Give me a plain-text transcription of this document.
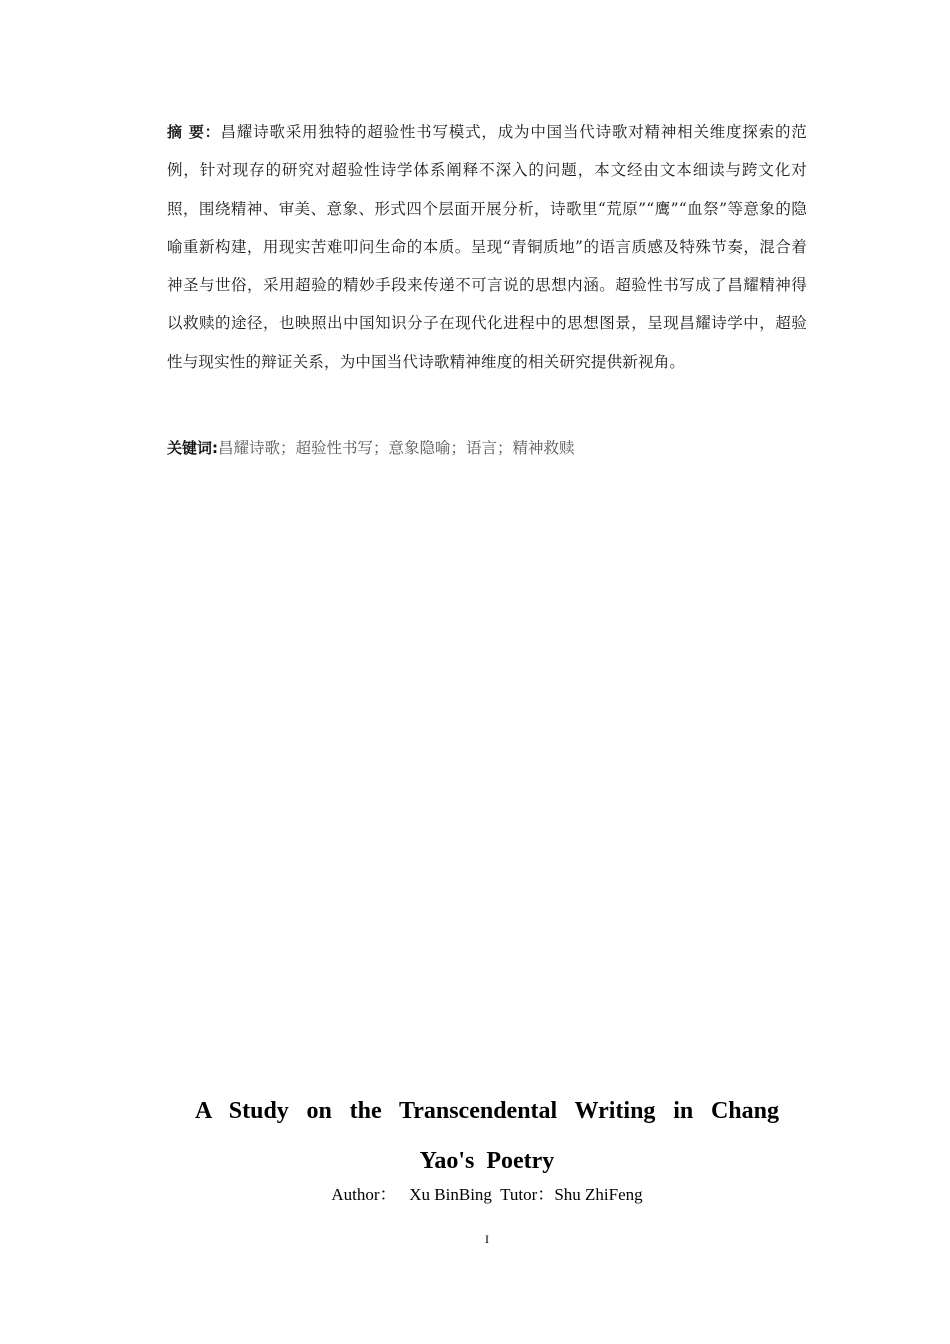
摘 要：昌耀诗歌采用独特的超验性书写模式，成为中国当代诗歌对精神相关维度探索的范例，针对现存的研究对超验性诗学体系阐释不深入的问题，本文经由文本细读与跨文化对照，围绕精神、审美、意象、形式四个层面开展分析，诗歌里“荒原”“鹰”“血祭”等意象的隐喻重新构建，用现实苦难叩问生命的本质。呈现“青铜质地”的语言质感及特殊节奏，混合着神圣与世俗，采用超验的精妙手段来传递不可言说的思想内涵。超验性书写成了昌耀精神得以救赎的途径，也映照出中国知识分子在现代化进程中的思想图景，呈现昌耀诗学中，超验性与现实性的辩证关系，为中国当代诗歌精神维度的相关研究提供新视角。
关键词:昌耀诗歌；超验性书写；意象隐喻；语言；精神救赎
A Study on the Transcendental Writing in Chang
Yao's Poetry
Author： Xu BinBing Tutor：Shu ZhiFeng
I
